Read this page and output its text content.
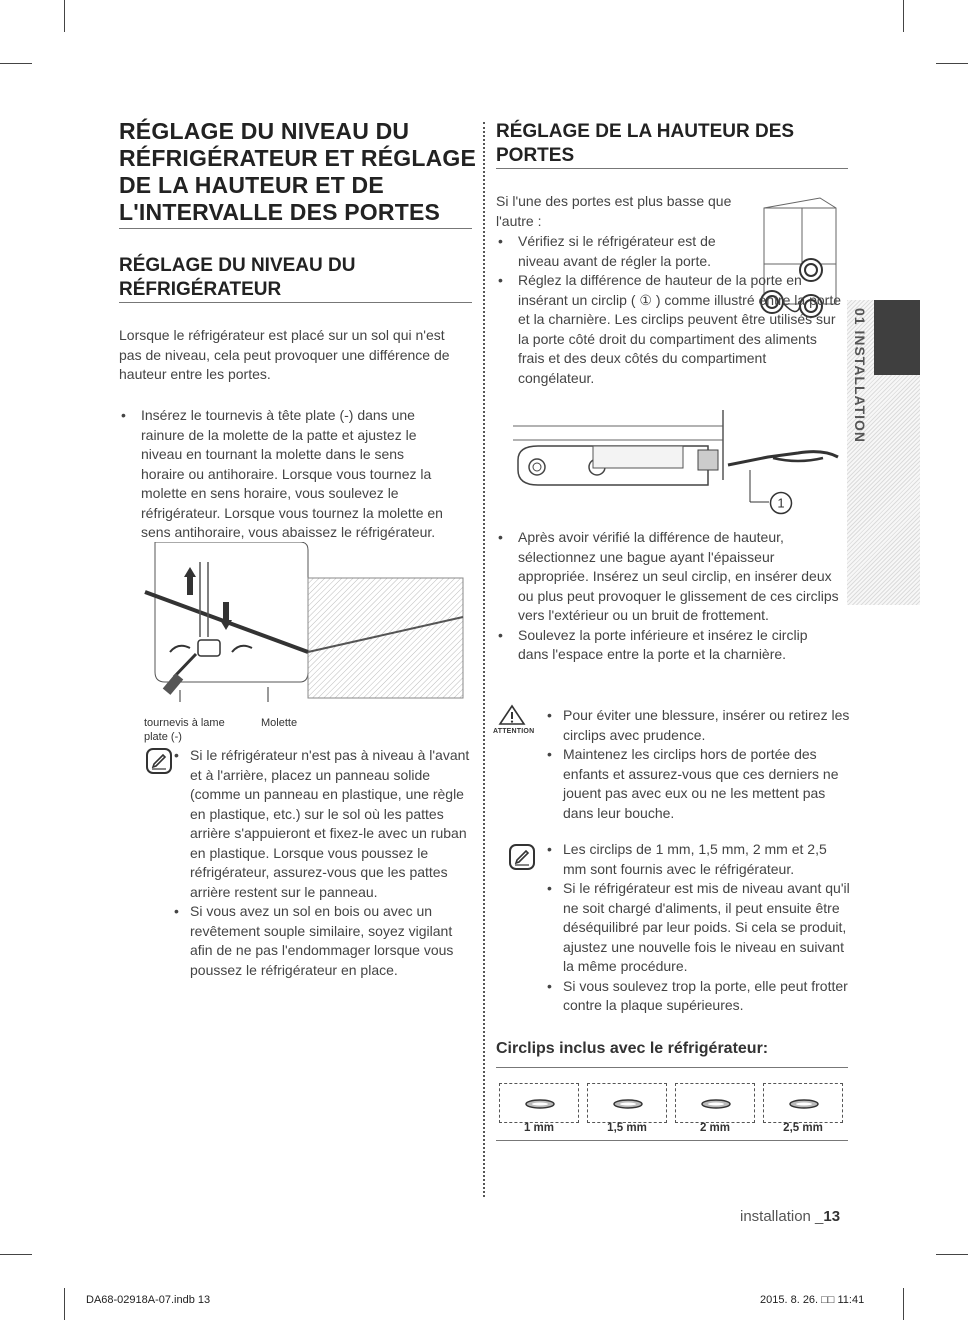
RÉGLAGE DU NIVEAU DU RÉFRIGÉRATEUR ET RÉGLAGE DE LA HAUTEUR ET DE L'INTERVALLE DES PORTES
RÉGLAGE DU NIVEAU DU RÉFRIGÉRATEUR

Lorsque le réfrigérateur est placé sur un sol qui n'est pas de niveau, cela peut provoquer une différence de hauteur entre les portes.

• Insérez le tournevis à tête plate (-) dans une rainure de la molette de la patte et ajustez le niveau en tournant la molette dans le sens horaire ou antihoraire. Lorsque vous tournez la molette en sens horaire, vous soulevez le réfrigérateur. Lorsque vous tournez la molette en sens antihoraire, vous abaissez le réfrigérateur.
tournevis à lame plate (-)
Molette
• Si le réfrigérateur n'est pas à niveau à l'avant et à l'arrière, placez un panneau solide (comme un panneau en plastique, une règle en plastique, etc.) sur le sol où les pattes arrière s'appuieront et fixez-le avec un ruban en plastique. Lorsque vous poussez le réfrigérateur, assurez-vous que les pattes arrière restent sur le panneau.
• Si vous avez un sol en bois ou avec un revêtement souple similaire, soyez vigilant afin de ne pas l'endommager lorsque vous poussez le réfrigérateur en place.
RÉGLAGE DE LA HAUTEUR DES PORTES

Si l'une des portes est plus basse que l'autre :

• Vérifiez si le réfrigérateur est de niveau avant de régler la porte.
• Réglez la différence de hauteur de la porte en insérant un circlip ( ① ) comme illustré entre la porte et la charnière. Les circlips peuvent être utilisés sur la porte côté droit du compartiment des aliments frais et des deux côtés du compartiment congélateur.
1
• Après avoir vérifié la différence de hauteur, sélectionnez une bague ayant l'épaisseur appropriée. Insérez un seul circlip, en insérer deux ou plus peut provoquer le glissement de ces circlips vers l'extérieur ou un bruit de frottement.
• Soulevez la porte inférieure et insérez le circlip dans l'espace entre la porte et la charnière.
ATTENTION
• Pour éviter une blessure, insérer ou retirez les circlips avec prudence.
• Maintenez les circlips hors de portée des enfants et assurez-vous que ces derniers ne jouent pas avec eux ou ne les mettent pas dans leur bouche.
• Les circlips de 1 mm, 1,5 mm, 2 mm et 2,5 mm sont fournis avec le réfrigérateur.
• Si le réfrigérateur est mis de niveau avant qu'il ne soit chargé d'aliments, il peut ensuite être déséquilibré par leur poids. Si cela se produit, ajustez une nouvelle fois le niveau en suivant la même procédure.
• Si vous soulevez trop la porte, elle peut frotter contre la plaque supérieures.
Circlips inclus avec le réfrigérateur:
1 mm	1,5 mm	2 mm	2,5 mm
01 INSTALLATION
installation _13
DA68-02918A-07.indb 13	2015. 8. 26. □□ 11:41
